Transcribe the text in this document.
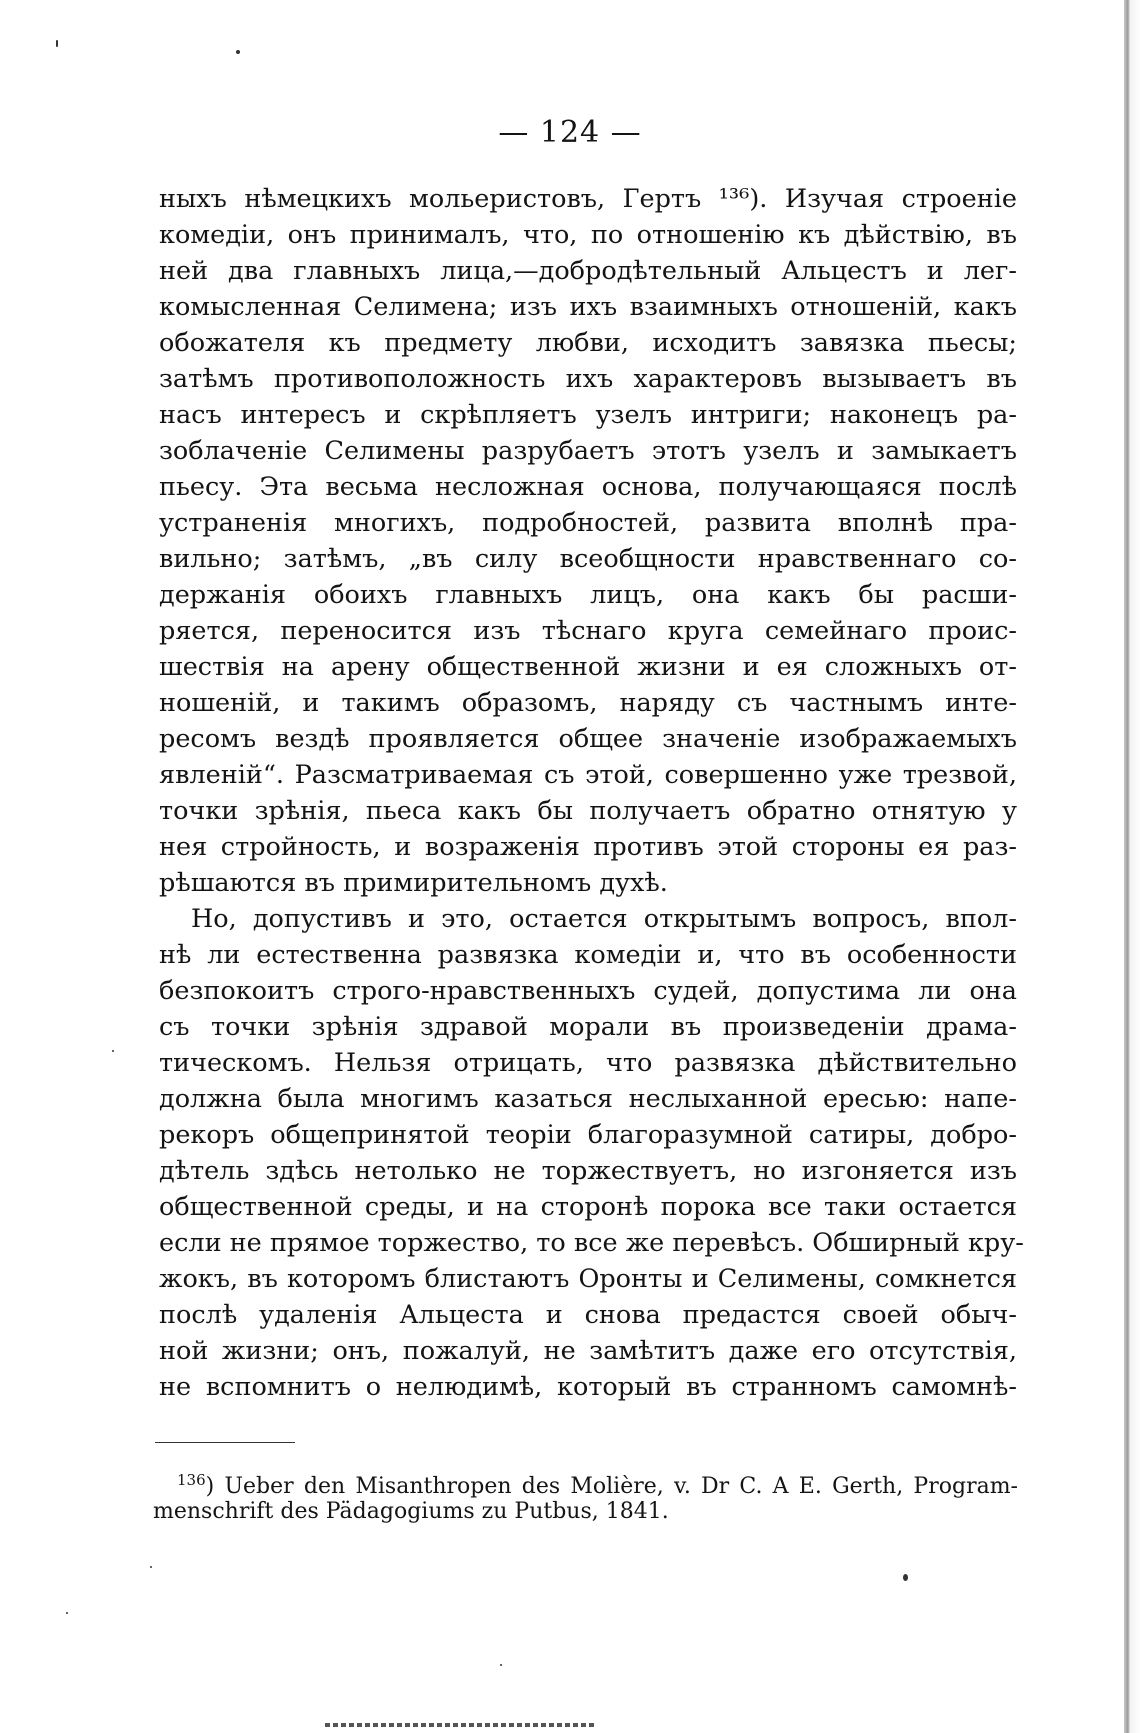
— 124 —
ныхъ нѣмецкихъ мольеристовъ, Гертъ ¹³⁶). Изучая строеніе
комедіи, онъ принималъ, что, по отношенію къ дѣйствію, въ
ней два главныхъ лица,—добродѣтельный Альцестъ и лег-
комысленная Селимена; изъ ихъ взаимныхъ отношеній, какъ
обожателя къ предмету любви, исходитъ завязка пьесы;
затѣмъ противоположность ихъ характеровъ вызываетъ въ
насъ интересъ и скрѣпляетъ узелъ интриги; наконецъ ра-
зоблаченіе Селимены разрубаетъ этотъ узелъ и замыкаетъ
пьесу. Эта весьма несложная основа, получающаяся послѣ
устраненія многихъ, подробностей, развита вполнѣ пра-
вильно; затѣмъ, „въ силу всеобщности нравственнаго со-
держанія обоихъ главныхъ лицъ, она какъ бы расши-
ряется, переносится изъ тѣснаго круга семейнаго проис-
шествія на арену общественной жизни и ея сложныхъ от-
ношеній, и такимъ образомъ, наряду съ частнымъ инте-
ресомъ вездѣ проявляется общее значеніе изображаемыхъ
явленій“. Разсматриваемая съ этой, совершенно уже трезвой,
точки зрѣнія, пьеса какъ бы получаетъ обратно отнятую у
нея стройность, и возраженія противъ этой стороны ея раз-
рѣшаются въ примирительномъ духѣ.
Но, допустивъ и это, остается открытымъ вопросъ, впол-
нѣ ли естественна развязка комедіи и, что въ особенности
безпокоитъ строго-нравственныхъ судей, допустима ли она
съ точки зрѣнія здравой морали въ произведеніи драма-
тическомъ. Нельзя отрицать, что развязка дѣйствительно
должна была многимъ казаться неслыханной ересью: напе-
рекоръ общепринятой теоріи благоразумной сатиры, добро-
дѣтель здѣсь нетолько не торжествуетъ, но изгоняется изъ
общественной среды, и на сторонѣ порока все таки остается
если не прямое торжество, то все же перевѣсъ. Обширный кру-
жокъ, въ которомъ блистаютъ Оронты и Селимены, сомкнется
послѣ удаленія Альцеста и снова предастся своей обыч-
ной жизни; онъ, пожалуй, не замѣтитъ даже его отсутствія,
не вспомнитъ о нелюдимѣ, который въ странномъ самомнѣ-
$^{136}$) Ueber den Misanthropen des Molière, v. Dr C. A E. Gerth, Program-
menschrift des Pädagogiums zu Putbus, 1841.
